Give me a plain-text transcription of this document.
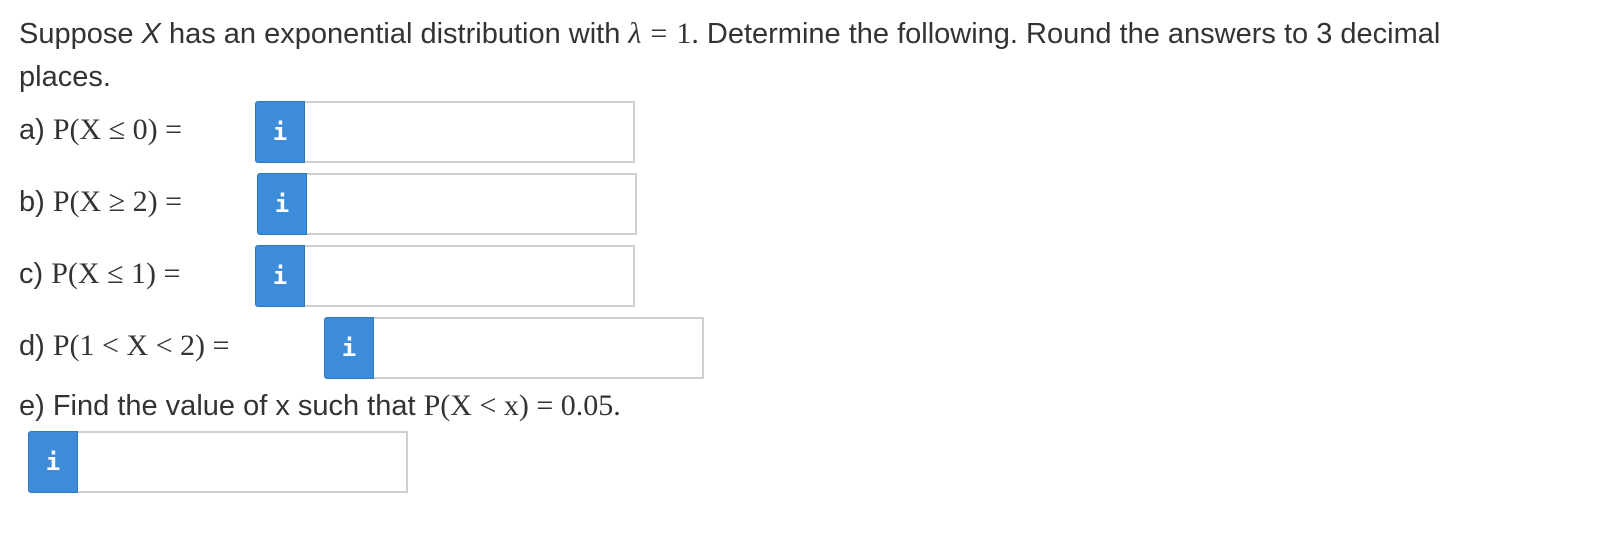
Suppose X has an exponential distribution with λ = 1. Determine the following. Round the answers to 3 decimal
places.
a) P(X ≤ 0) =	i
b) P(X ≥ 2) =	i
c) P(X ≤ 1) =	i
d) P(1 < X < 2) =	i
e) Find the value of x such that P(X < x) = 0.05.
i
